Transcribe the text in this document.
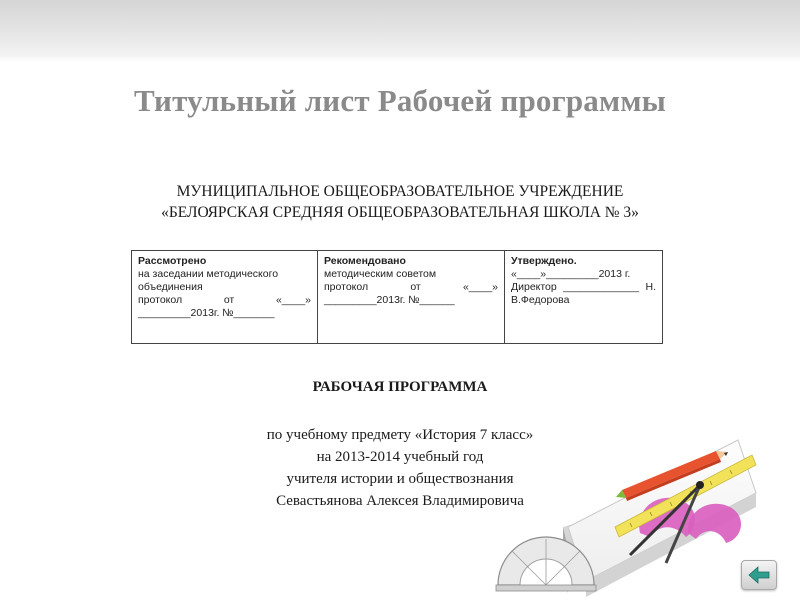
Титульный лист Рабочей программы
МУНИЦИПАЛЬНОЕ ОБЩЕОБРАЗОВАТЕЛЬНОЕ УЧРЕЖДЕНИЕ
«БЕЛОЯРСКАЯ СРЕДНЯЯ ОБЩЕОБРАЗОВАТЕЛЬНАЯ ШКОЛА № 3»
Рассмотрено
на заседании методического
объединения
протокол от «____»
_________2013г. №_______

Рекомендовано
методическим советом
протокол от «____»
_________2013г. №______

Утверждено.
«____»_________2013 г.
Директор _____________ Н.
В.Федорова
РАБОЧАЯ ПРОГРАММА
по учебному предмету «История 7 класс»
на 2013-2014 учебный год
учителя истории и обществознания
Севастьянова Алексея Владимировича
